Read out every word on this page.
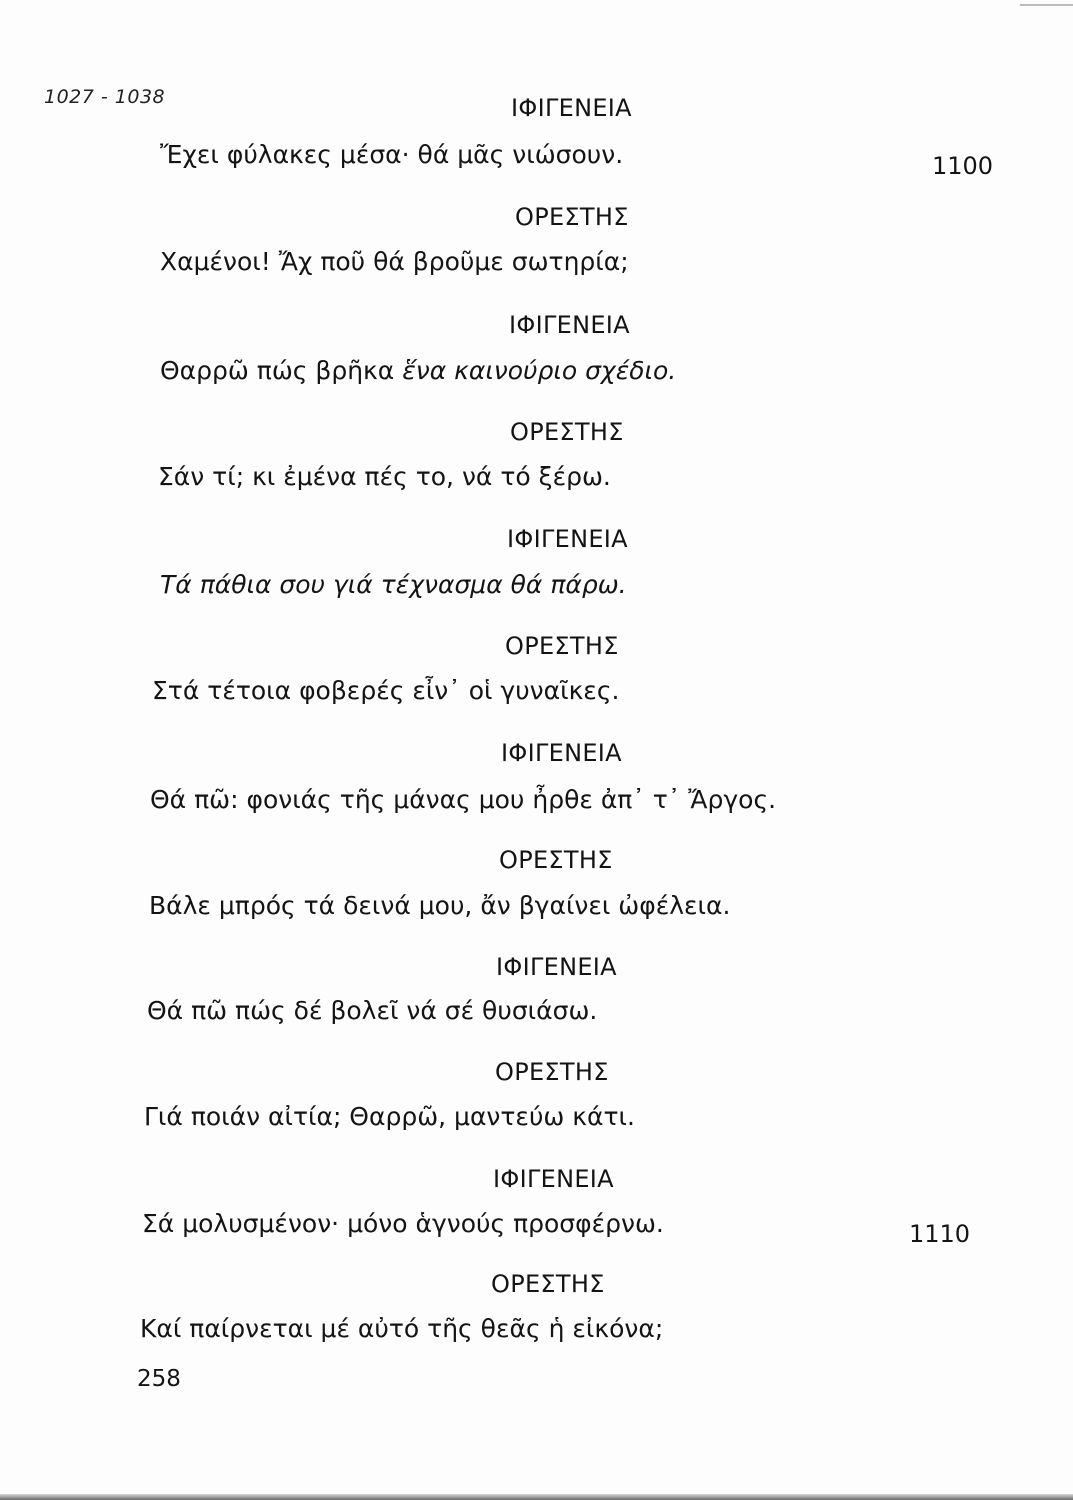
1027 - 1038	ΙΦΙΓΕΝΕΙΑ
Ἔχει φύλακες μέσα· θά μᾶς νιώσουν.	1100
ΟΡΕΣΤΗΣ
Χαμένοι! Ἄχ ποῦ θά βροῦμε σωτηρία;
ΙΦΙΓΕΝΕΙΑ
Θαρρῶ πώς βρῆκα ἕνα καινούριο σχέδιο.
ΟΡΕΣΤΗΣ
Σάν τί; κι ἐμένα πές το, νά τό ξέρω.
ΙΦΙΓΕΝΕΙΑ
Τά πάθια σου γιά τέχνασμα θά πάρω.
ΟΡΕΣΤΗΣ
Στά τέτοια φοβερές εἶν᾿ οἱ γυναῖκες.
ΙΦΙΓΕΝΕΙΑ
Θά πῶ: φονιάς τῆς μάνας μου ἦρθε ἀπ᾿ τ᾿ Ἄργος.
ΟΡΕΣΤΗΣ
Βάλε μπρός τά δεινά μου, ἄν βγαίνει ὠφέλεια.
ΙΦΙΓΕΝΕΙΑ
Θά πῶ πώς δέ βολεῖ νά σέ θυσιάσω.
ΟΡΕΣΤΗΣ
Γιά ποιάν αἰτία; Θαρρῶ, μαντεύω κάτι.
ΙΦΙΓΕΝΕΙΑ
Σά μολυσμένον· μόνο ἁγνούς προσφέρνω.	1110
ΟΡΕΣΤΗΣ
Καί παίρνεται μέ αὐτό τῆς θεᾶς ἡ εἰκόνα;
258
